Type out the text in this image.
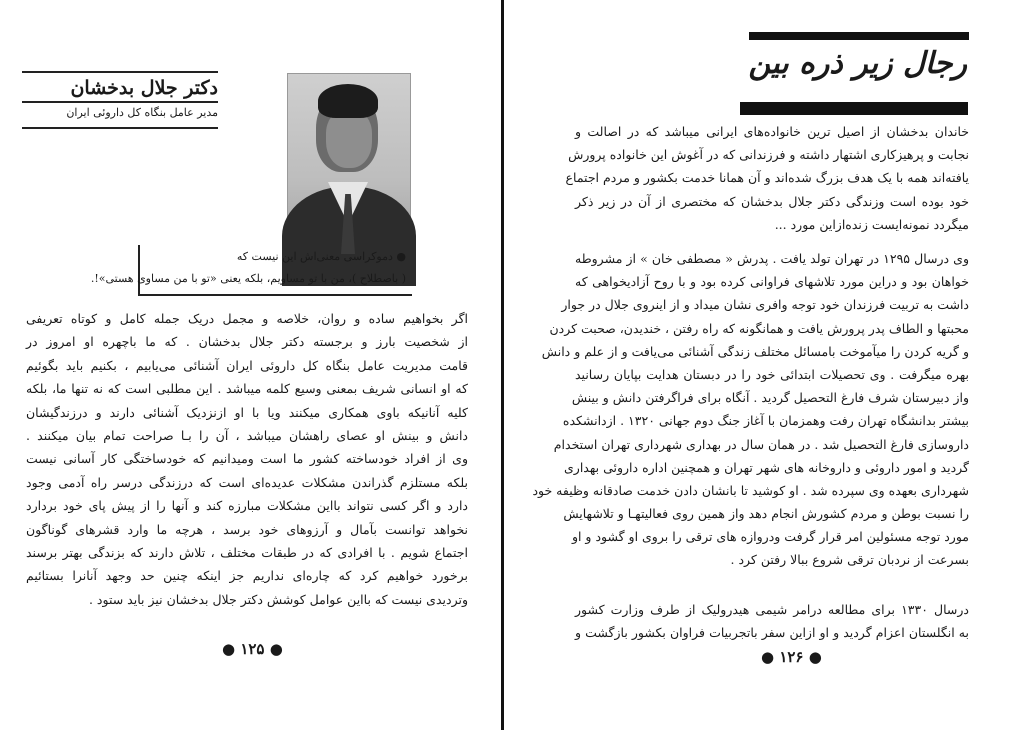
دکتر جلال بدخشان
مدیر عامل بنگاه کل داروئی ایران
● دموکراسی معنی‌اش این نیست که
( باصطلاح )، من با تو مساویم، بلکه یعنی «تو با من مساوی هستی»!.
اگر بخواهیم ساده و روان، خلاصه و مجمل دریک جمله کامل و کوتاه تعریفی
از شخصیت بارز و برجسته دکتر جلال بدخشان . که ما باچهره او امروز در
قامت مدیریت عامل بنگاه کل داروئی ایران آشنائی می‌یابیم ، بکنیم باید بگوئیم
که او انسانی شریف بمعنی وسیع کلمه میباشد . این مطلبی است که نه تنها ما، بلکه
کلیه آنانیکه باوی همکاری میکنند ویا با او ازنزدیک آشنائی دارند و درزندگیشان
دانش و بینش او عصای راهشان میباشد ، آن را بـا صراحت تمام بیان میکنند .
وی از افراد خودساخته کشور ما است ومیدانیم که خودساختگی کار آسانی نیست
بلکه مستلزم گذراندن مشکلات عدیده‌ای است که درزندگی درسر راه آدمی وجود
دارد و اگر کسی نتواند بااین مشکلات مبارزه کند و آنها را از پیش پای خود بردارد
نخواهد توانست بآمال و آرزوهای خود برسد ، هرچه ما وارد قشرهای گوناگون
اجتماع شویم . با افرادی که در طبقات مختلف ، تلاش دارند که بزندگی بهتر برسند
برخورد خواهیم کرد که چاره‌ای نداریم جز اینکه چنین حد وجهد آنانرا بستائیم
وتردیدی نیست که بااین عوامل کوشش دکتر جلال بدخشان نیز باید ستود .
● ۱۲۵ ●
رجال زیر ذره بین
خاندان بدخشان از اصیل ترین خانواده‌های ایرانی میباشد که در اصالت و
نجابت و پرهیزکاری اشتهار داشته و فرزندانی که در آغوش این خانواده پرورش
یافته‌اند همه با یک هدف بزرگ شده‌اند و آن همانا خدمت بکشور و مردم اجتماع
خود بوده است وزندگی دکتر جلال بدخشان که مختصری از آن در زیر ذکر
میگردد نمونه‌ایست زنده‌ازاین مورد ...
وی درسال ۱۲۹۵ در تهران تولد یافت . پدرش « مصطفی خان » از مشروطه
خواهان بود و دراین مورد تلاشهای فراوانی کرده بود و با روح آزادیخواهی که
داشت به تربیت فرزندان خود توجه وافری نشان میداد و از اینروی جلال در جوار
محبتها و الطاف پدر پرورش یافت و همانگونه که راه رفتن ، خندیدن، صحبت کردن
و گریه کردن را میآموخت بامسائل مختلف زندگی آشنائی می‌یافت و از علم و دانش
بهره میگرفت . وی تحصیلات ابتدائی خود را در دبستان هدایت بپایان رسانید
واز دبیرستان شرف فارغ التحصیل گردید . آنگاه برای فراگرفتن دانش و بینش
بیشتر بدانشگاه تهران رفت وهمزمان با آغاز جنگ دوم جهانی ۱۳۲۰ . ازدانشکده
داروسازی فارغ التحصیل شد . در همان سال در بهداری شهرداری تهران استخدام
گردید و امور داروئی و داروخانه های شهر تهران و همچنین اداره داروئی بهداری
شهرداری بعهده وی سپرده شد . او کوشید تا بانشان دادن خدمت صادقانه وظیفه خود
را نسبت بوطن و مردم کشورش انجام دهد واز همین روی فعالیتهـا و تلاشهایش
مورد توجه مسئولین امر قرار گرفت ودروازه های ترقی را بروی او گشود و او
بسرعت از نردبان ترقی شروع ببالا رفتن کرد .
درسال ۱۳۳۰ برای مطالعه درامر شیمی هیدرولیک از طرف وزارت کشور
به انگلستان اعزام گردید و او ازاین سفر باتجربیات فراوان بکشور بازگشت و
● ۱۲۶ ●
